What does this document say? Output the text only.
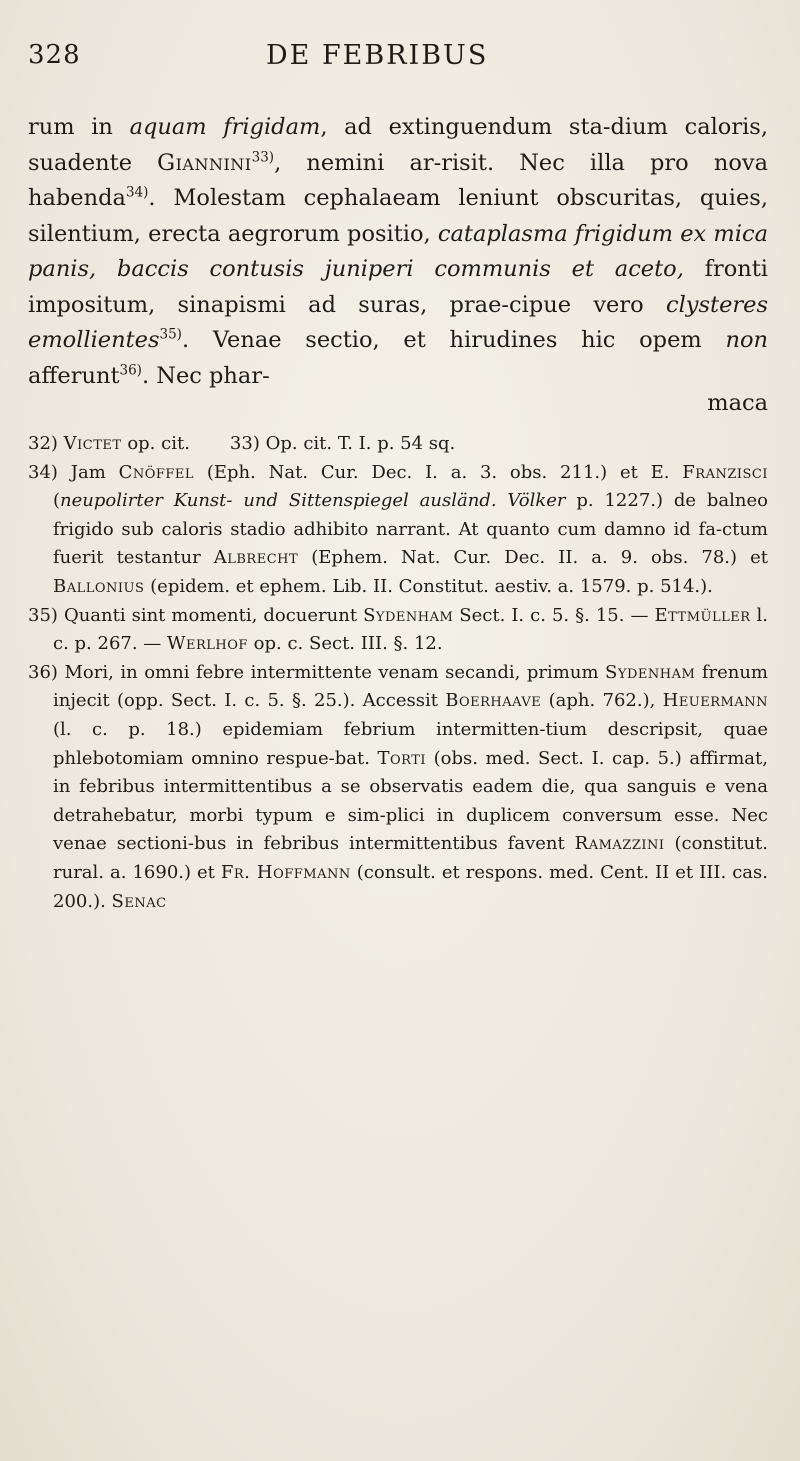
328	DE FEBRIBUS

rum in aquam frigidam, ad extinguendum sta-dium caloris, suadente Giannini$^{33)}$, nemini ar-risit. Nec illa pro nova habenda$^{34)}$. Molestam cephalaeam leniunt obscuritas, quies, silentium, erecta aegrorum positio, cataplasma frigidum ex mica panis, baccis contusis juniperi communis et aceto, fronti impositum, sinapismi ad suras, prae-cipue vero clysteres emollientes$^{35)}$. Venae sectio, et hirudines hic opem non afferunt$^{36)}$. Nec phar-

maca

32) Victet op. cit. 33) Op. cit. T. I. p. 54 sq.

34) Jam Cnöffel (Eph. Nat. Cur. Dec. I. a. 3. obs. 211.) et E. Franzisci (neupolirter Kunst- und Sittenspiegel ausländ. Völker p. 1227.) de balneo frigido sub caloris stadio adhibito narrant. At quanto cum damno id fa-ctum fuerit testantur Albrecht (Ephem. Nat. Cur. Dec. II. a. 9. obs. 78.) et Ballonius (epidem. et ephem. Lib. II. Constitut. aestiv. a. 1579. p. 514.).

35) Quanti sint momenti, docuerunt Sydenham Sect. I. c. 5. §. 15. — Ettmüller l. c. p. 267. — Werlhof op. c. Sect. III. §. 12.

36) Mori, in omni febre intermittente venam secandi, primum Sydenham frenum injecit (opp. Sect. I. c. 5. §. 25.). Accessit Boerhaave (aph. 762.), Heuermann (l. c. p. 18.) epidemiam febrium intermitten-tium descripsit, quae phlebotomiam omnino respue-bat. Torti (obs. med. Sect. I. cap. 5.) affirmat, in febribus intermittentibus a se observatis eadem die, qua sanguis e vena detrahebatur, morbi typum e sim-plici in duplicem conversum esse. Nec venae sectioni-bus in febribus intermittentibus favent Ramazzini (constitut. rural. a. 1690.) et Fr. Hoffmann (consult. et respons. med. Cent. II et III. cas. 200.). Senac
